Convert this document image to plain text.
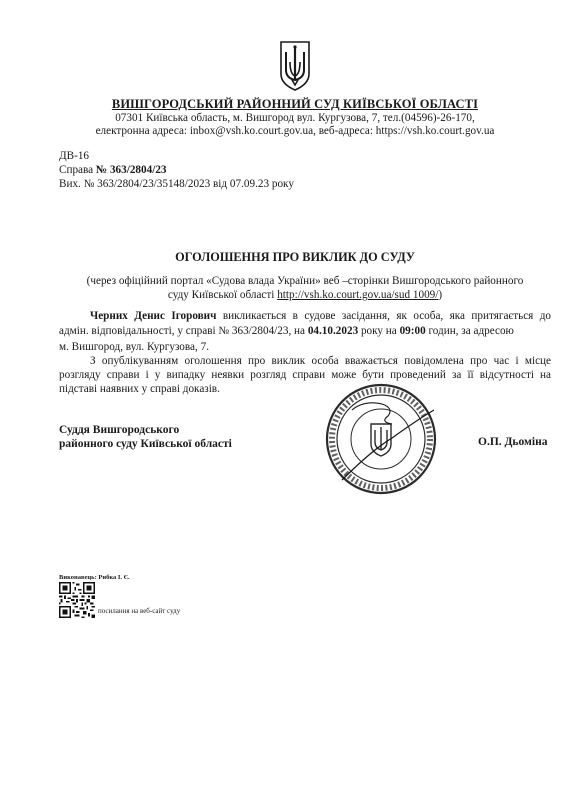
ВИШГОРОДСЬКИЙ РАЙОННИЙ СУД КИЇВСЬКОЇ ОБЛАСТІ
07301 Київська область, м. Вишгород вул. Кургузова, 7, тел.(04596)-26-170,
електронна адреса: inbox@vsh.ko.court.gov.ua, веб-адреса: https://vsh.ko.court.gov.ua
ДВ-16
Справа № 363/2804/23
Вих. № 363/2804/23/35148/2023 від 07.09.23 року
ОГОЛОШЕННЯ ПРО ВИКЛИК ДО СУДУ
(через офіційний портал «Судова влада України» веб –сторінки Вишгородського районного
суду Київської області http://vsh.ko.court.gov.ua/sud 1009/)
Черних Денис Ігорович викликається в судове засідання, як особа, яка притягається до
адмін. відповідальності, у справі № 363/2804/23, на 04.10.2023 року на 09:00 годин, за адресою
м. Вишгород, вул. Кургузова, 7.
З опублікуванням оголошення про виклик особа вважається повідомлена про час і місце
розгляду справи і у випадку неявки розгляд справи може бути проведений за її відсутності на
підставі наявних у справі доказів.
Суддя Вишгородського
районного суду Київської області	О.П. Дьоміна
Виконавець: Рибка І. Є.
посилання на веб-сайт суду
